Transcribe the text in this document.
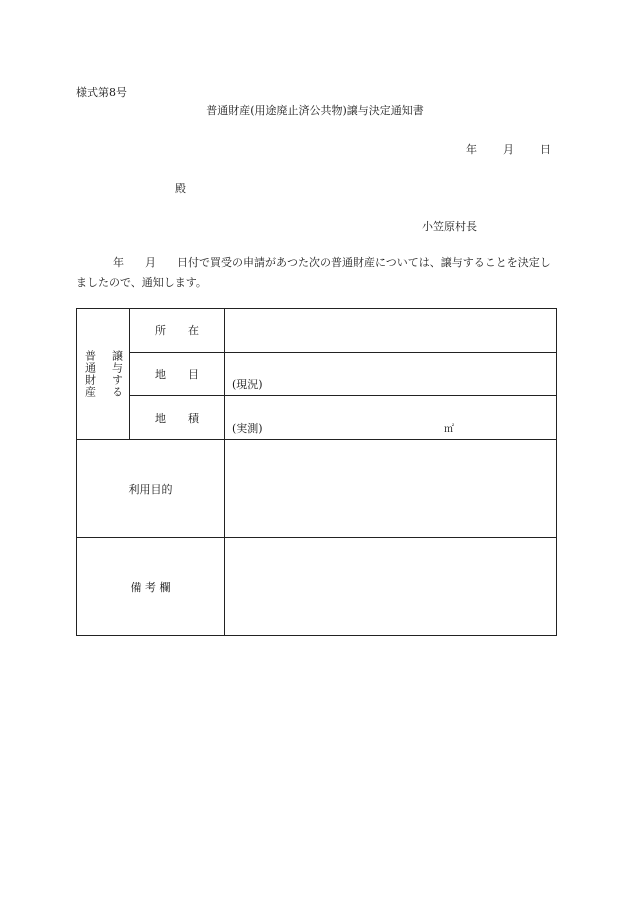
様式第8号
普通財産(用途廃止済公共物)譲与決定通知書
年 月 日
殿
小笠原村長
年 月 日付で買受の申請があつた次の普通財産については、譲与することを決定しましたので、通知します。
普通財産 譲与する	所　　在	
	地　　目	(現況)

	地　　積	(実測) ㎡

利用目的		
備 考 欄		
